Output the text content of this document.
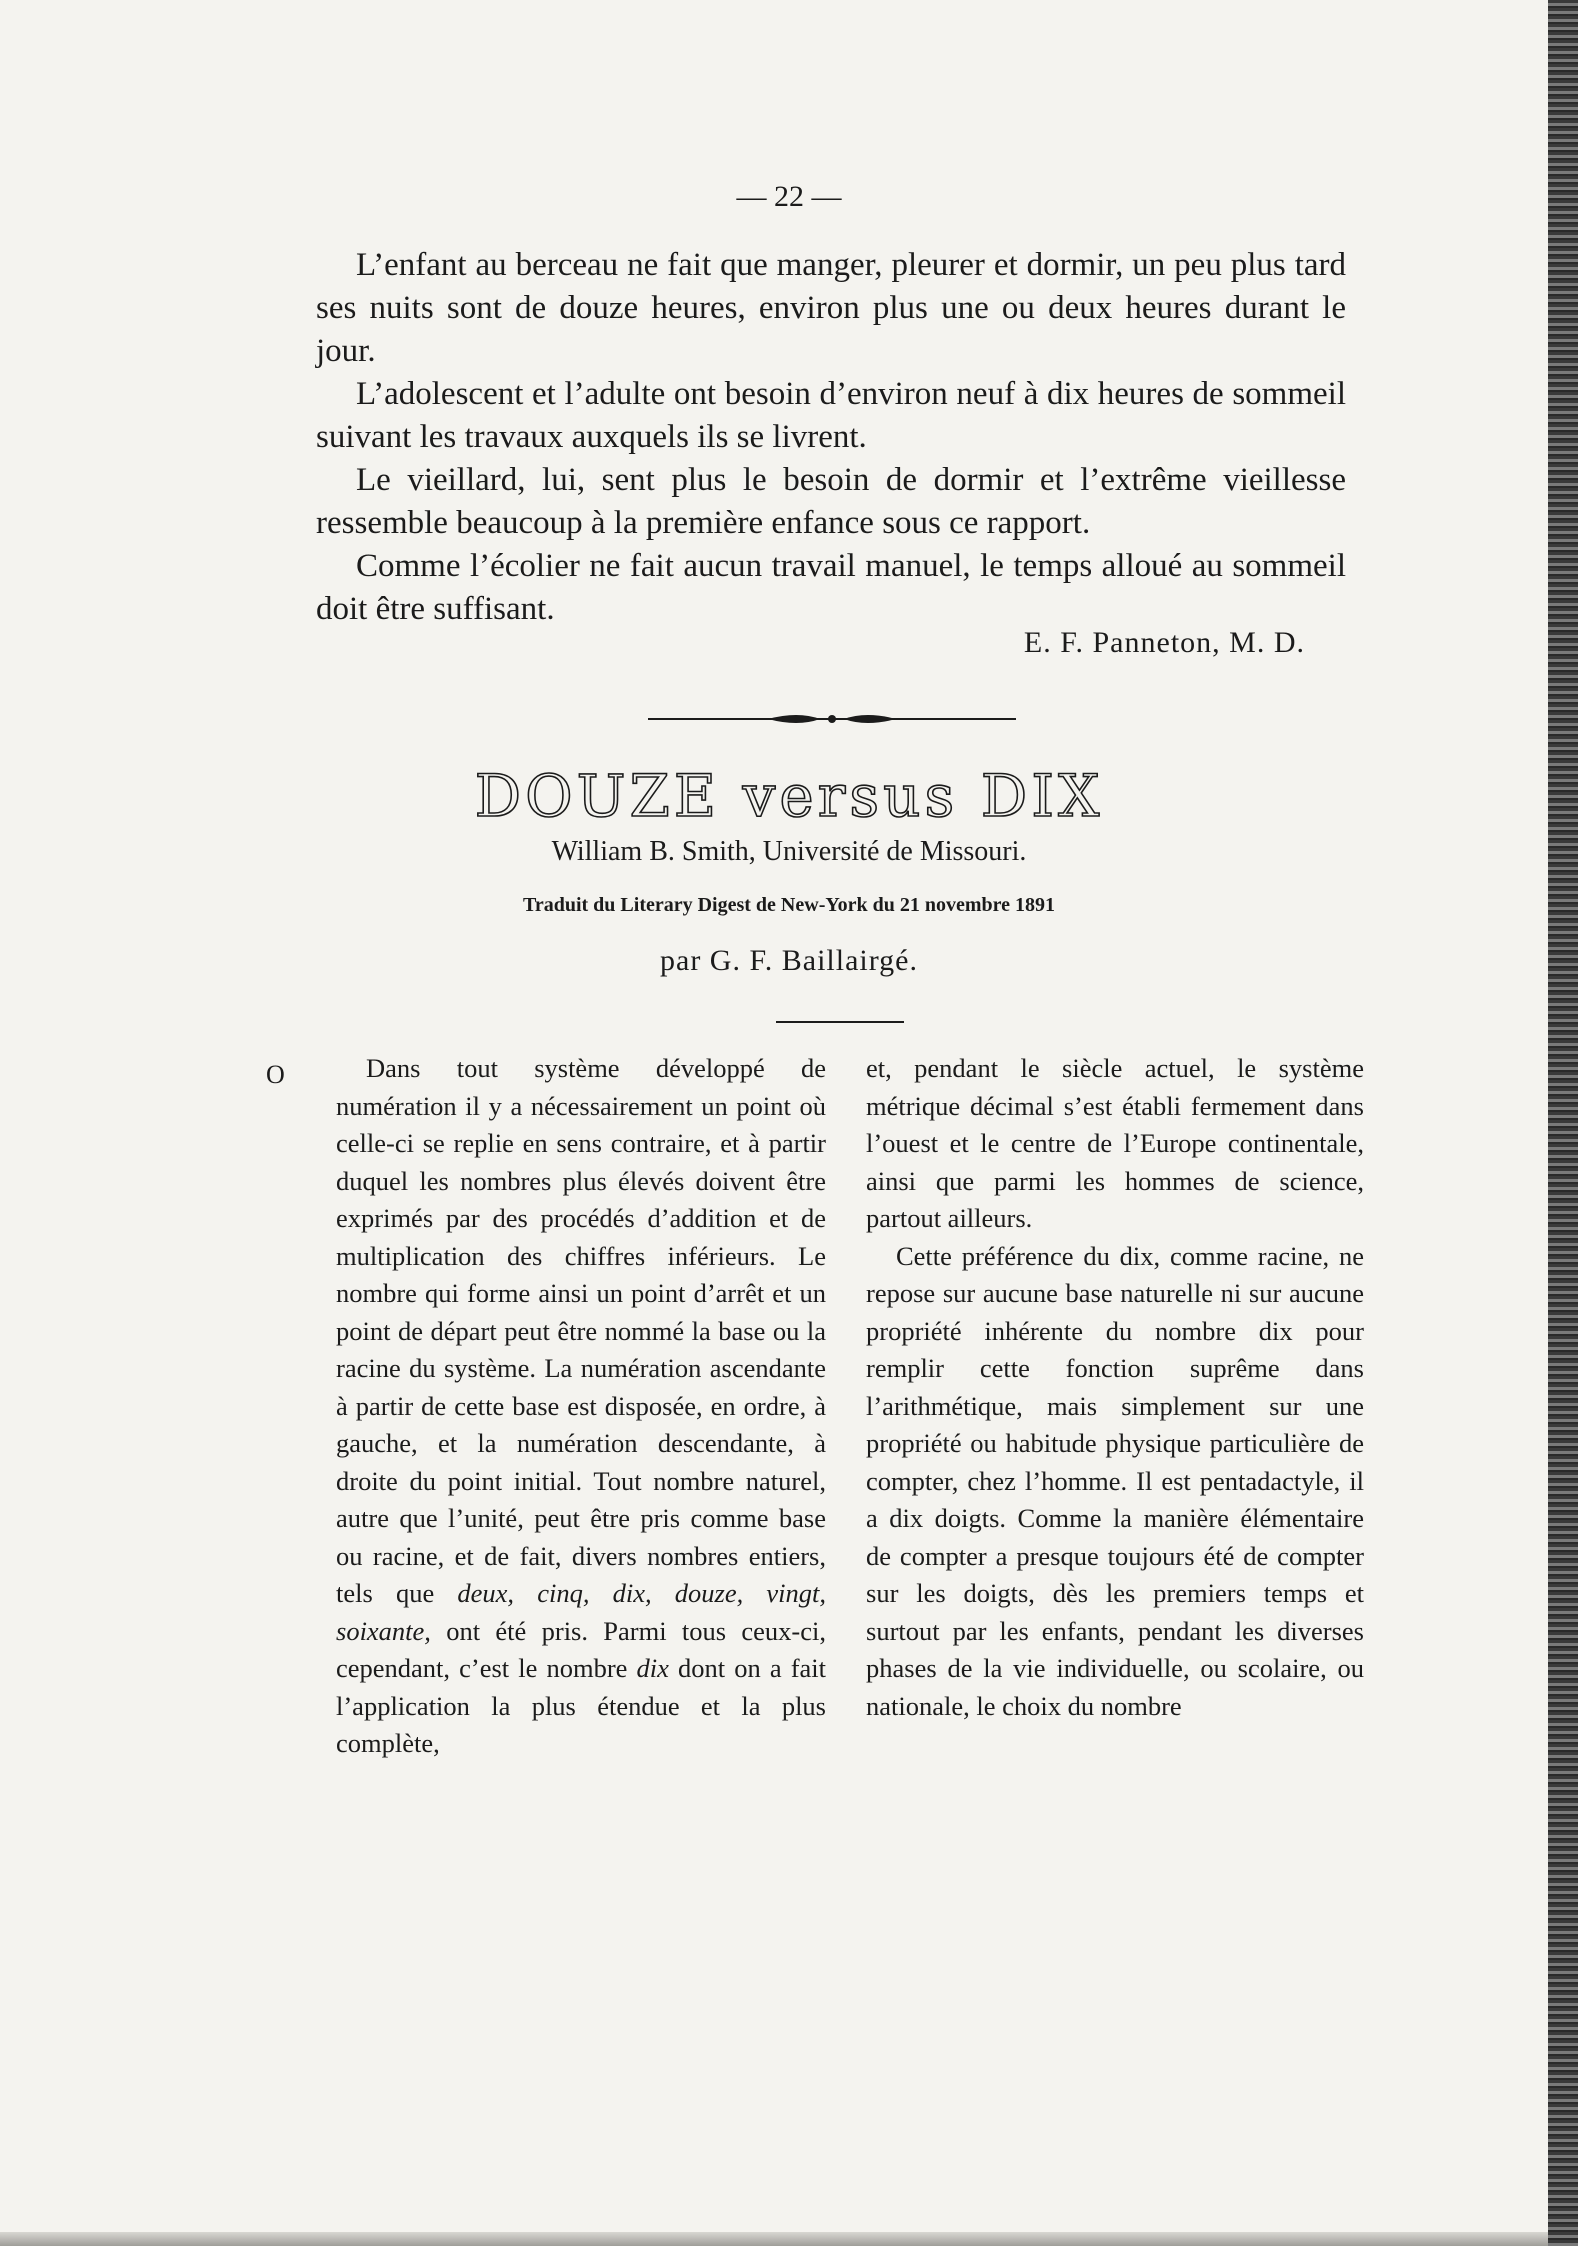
— 22 —

L’enfant au berceau ne fait que manger, pleurer et dormir, un peu plus tard ses nuits sont de douze heures, environ plus une ou deux heures durant le jour.

L’adolescent et l’adulte ont besoin d’environ neuf à dix heures de sommeil suivant les travaux auxquels ils se livrent.

Le vieillard, lui, sent plus le besoin de dormir et l’extrême vieillesse ressemble beaucoup à la première enfance sous ce rapport.

Comme l’écolier ne fait aucun travail manuel, le temps alloué au sommeil doit être suffisant.

E. F. Panneton, M. D.
DOUZE versus DIX
William B. Smith, Université de Missouri.
Traduit du Literary Digest de New-York du 21 novembre 1891
par G. F. Baillairgé.
O	Dans tout système développé de numération il y a nécessairement un point où celle-ci se replie en sens contraire, et à partir duquel les nombres plus élevés doivent être exprimés par des procédés d’addition et de multiplication des chiffres inférieurs. Le nombre qui forme ainsi un point d’arrêt et un point de départ peut être nommé la base ou la racine du système. La numération ascendante à partir de cette base est disposée, en ordre, à gauche, et la numération descendante, à droite du point initial. Tout nombre naturel, autre que l’unité, peut être pris comme base ou racine, et de fait, divers nombres entiers, tels que deux, cinq, dix, douze, vingt, soixante, ont été pris. Parmi tous ceux-ci, cependant, c’est le nombre dix dont on a fait l’application la plus étendue et la plus complète,

et, pendant le siècle actuel, le système métrique décimal s’est établi fermement dans l’ouest et le centre de l’Europe continentale, ainsi que parmi les hommes de science, partout ailleurs.

Cette préférence du dix, comme racine, ne repose sur aucune base naturelle ni sur aucune propriété inhérente du nombre dix pour remplir cette fonction suprême dans l’arithmétique, mais simplement sur une propriété ou habitude physique particulière de compter, chez l’homme. Il est pentadactyle, il a dix doigts. Comme la manière élémentaire de compter a presque toujours été de compter sur les doigts, dès les premiers temps et surtout par les enfants, pendant les diverses phases de la vie individuelle, ou scolaire, ou nationale, le choix du nombre
